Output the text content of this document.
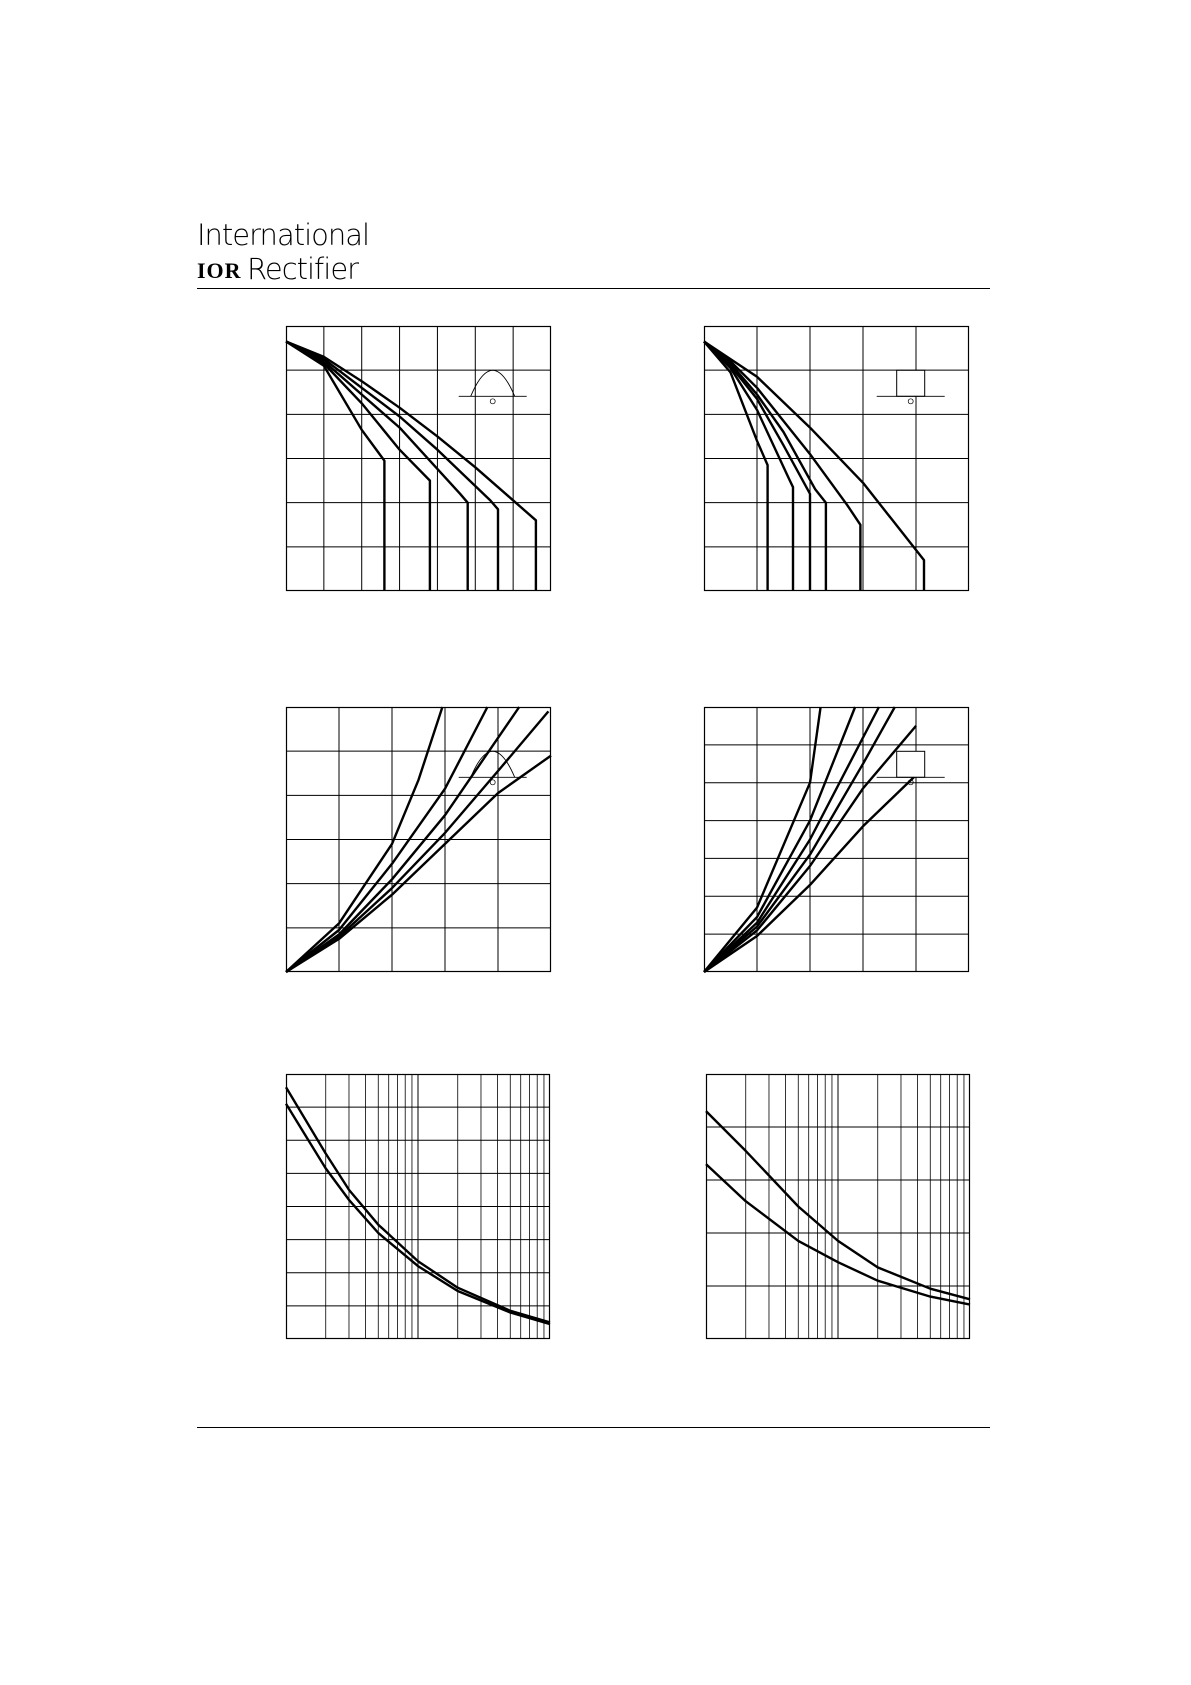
International
IOR Rectifier
